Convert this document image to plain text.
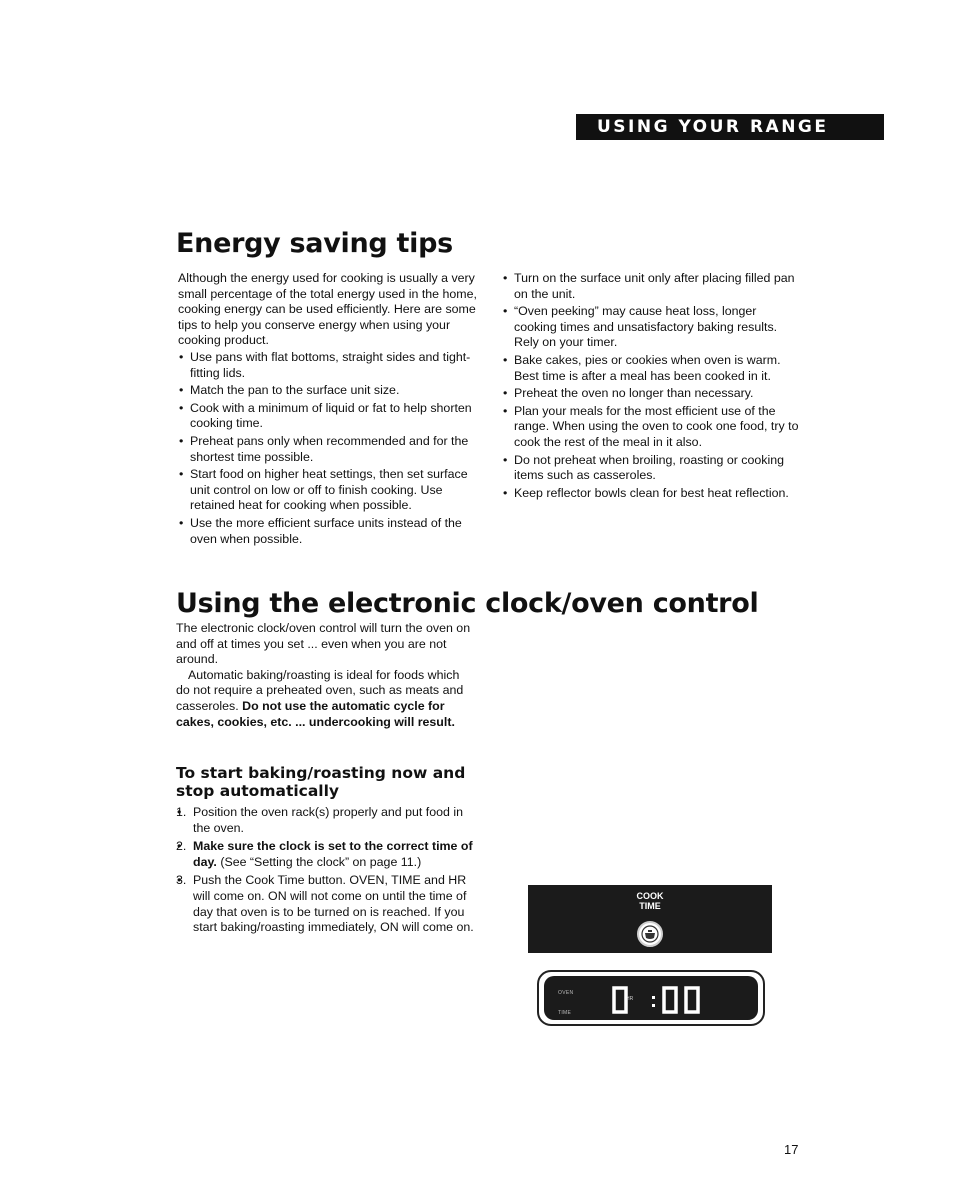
USING YOUR RANGE
Energy saving tips

Although the energy used for cooking is usually a very small percentage of the total energy used in the home, cooking energy can be used efficiently. Here are some tips to help you conserve energy when using your cooking product.

• Use pans with flat bottoms, straight sides and tight-fitting lids.
• Match the pan to the surface unit size.
• Cook with a minimum of liquid or fat to help shorten cooking time.
• Preheat pans only when recommended and for the shortest time possible.
• Start food on higher heat settings, then set surface unit control on low or off to finish cooking. Use retained heat for cooking when possible.
• Use the more efficient surface units instead of the oven when possible.
• Turn on the surface unit only after placing filled pan on the unit.
• “Oven peeking” may cause heat loss, longer cooking times and unsatisfactory baking results. Rely on your timer.
• Bake cakes, pies or cookies when oven is warm. Best time is after a meal has been cooked in it.
• Preheat the oven no longer than necessary.
• Plan your meals for the most efficient use of the range. When using the oven to cook one food, try to cook the rest of the meal in it also.
• Do not preheat when broiling, roasting or cooking items such as casseroles.
• Keep reflector bowls clean for best heat reflection.
Using the electronic clock/oven control

The electronic clock/oven control will turn the oven on and off at times you set ... even when you are not around.

Automatic baking/roasting is ideal for foods which do not require a preheated oven, such as meats and casseroles. Do not use the automatic cycle for cakes, cookies, etc. ... undercooking will result.

To start baking/roasting now and stop automatically
• 1. Position the oven rack(s) properly and put food in the oven.
• 2. Make sure the clock is set to the correct time of day. (See “Setting the clock” on page 11.)
• 3. Push the Cook Time button. OVEN, TIME and HR will come on. ON will not come on until the time of day that oven is to be turned on is reached. If you start baking/roasting immediately, ON will come on.
COOK
TIME
OVEN
TIME
HR
17
